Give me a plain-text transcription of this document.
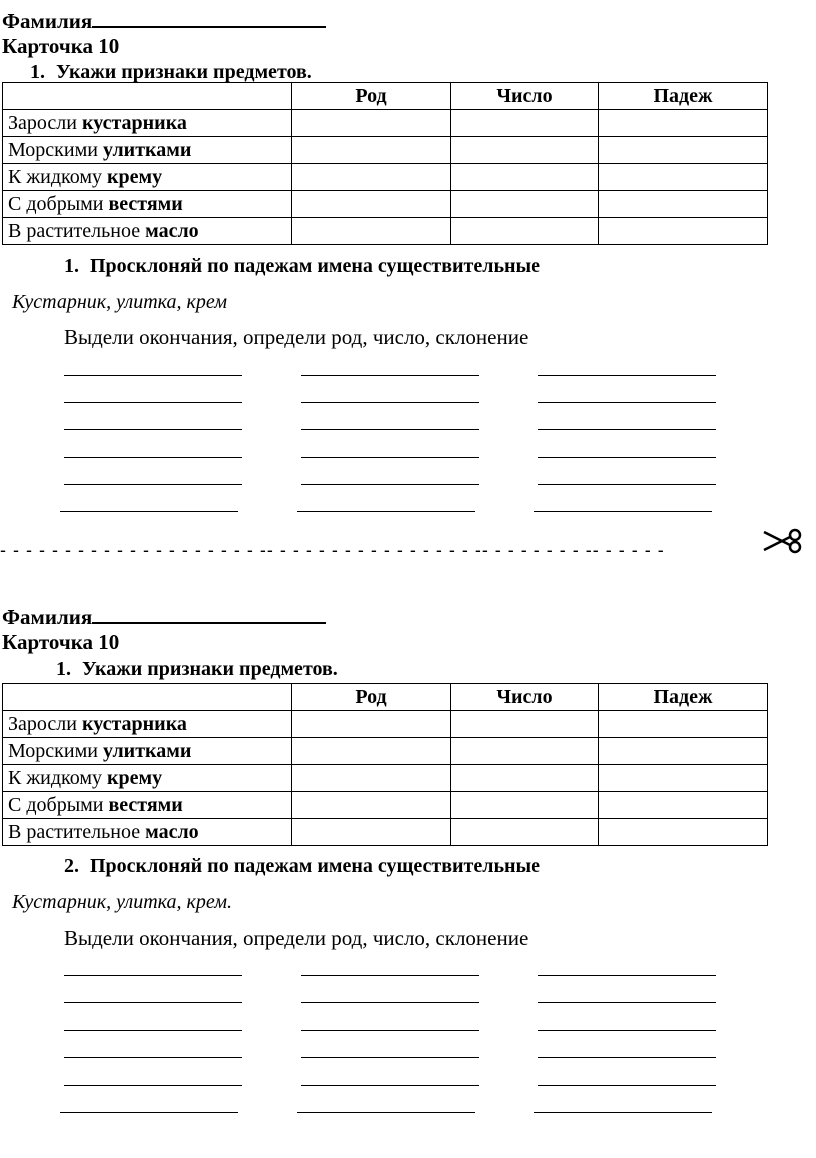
Фамилия
Карточка 10
1. Укажи признаки предметов.
	Род	Число	Падеж
Заросли кустарника			
Морскими улитками			
К жидкому крему			
С добрыми вестями			
В растительное масло			
1. Просклоняй по падежам имена существительные
Кустарник, улитка, крем
Выдели окончания, определи род, число, склонение
- - - - - - - - - - - - - - - - - - - - -- - - - - - - - - - - - - - - - -- - - - - - - - -- - - - - -
Фамилия
Карточка 10
1. Укажи признаки предметов.
	Род	Число	Падеж
Заросли кустарника			
Морскими улитками			
К жидкому крему			
С добрыми вестями			
В растительное масло			
2. Просклоняй по падежам имена существительные
Кустарник, улитка, крем.
Выдели окончания, определи род, число, склонение
